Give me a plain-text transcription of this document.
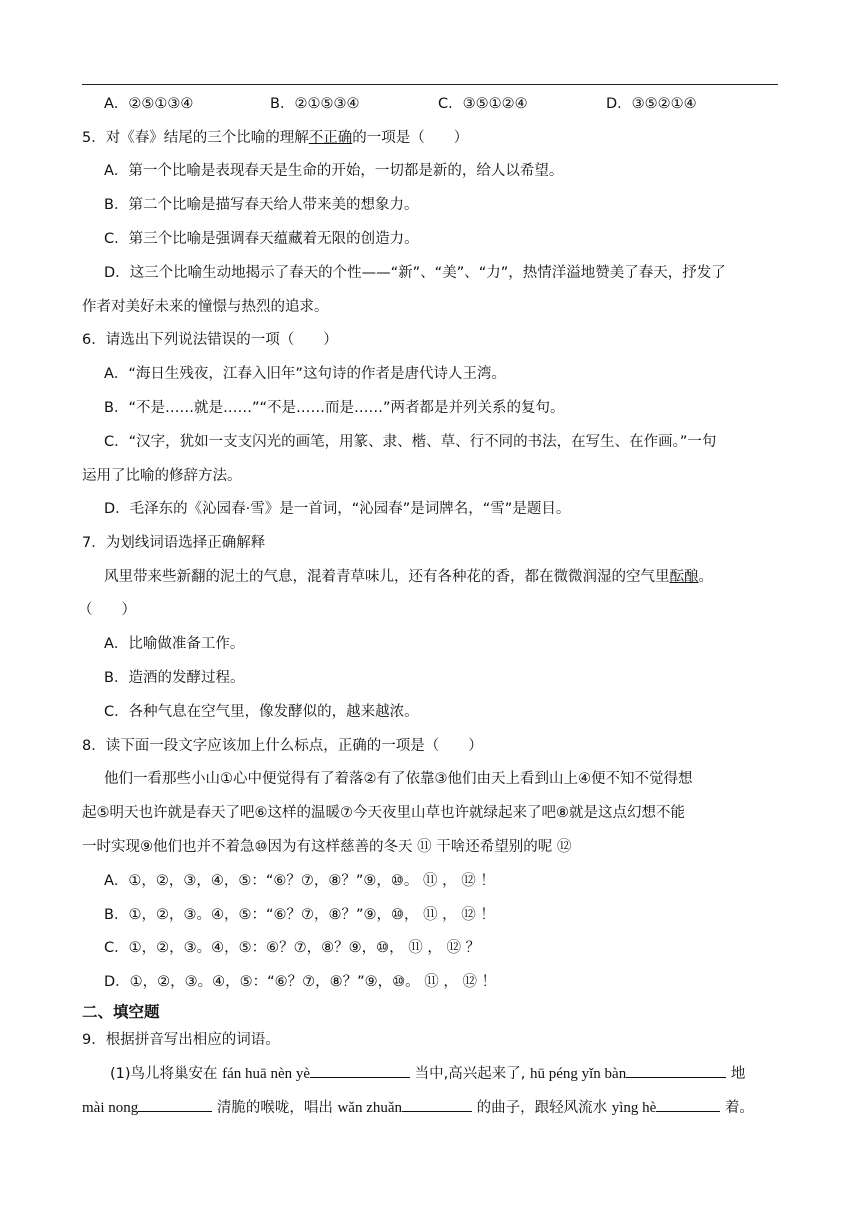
A．②⑤①③④	B．②①⑤③④	C．③⑤①②④	D．③⑤②①④
5．对《春》结尾的三个比喻的理解不正确的一项是（　　）
A．第一个比喻是表现春天是生命的开始，一切都是新的，给人以希望。
B．第二个比喻是描写春天给人带来美的想象力。
C．第三个比喻是强调春天蕴藏着无限的创造力。
D．这三个比喻生动地揭示了春天的个性——“新”、“美”、“力”，热情洋溢地赞美了春天，抒发了
作者对美好未来的憧憬与热烈的追求。
6．请选出下列说法错误的一项（　　）
A．“海日生残夜，江春入旧年”这句诗的作者是唐代诗人王湾。
B．“不是……就是……”“不是……而是……”两者都是并列关系的复句。
C．“汉字，犹如一支支闪光的画笔，用篆、隶、楷、草、行不同的书法，在写生、在作画。”一句
运用了比喻的修辞方法。
D．毛泽东的《沁园春·雪》是一首词，“沁园春”是词牌名，“雪”是题目。
7．为划线词语选择正确解释
风里带来些新翻的泥土的气息，混着青草味儿，还有各种花的香，都在微微润湿的空气里酝酿。
（　　）
A．比喻做准备工作。
B．造酒的发酵过程。
C．各种气息在空气里，像发酵似的，越来越浓。
8．读下面一段文字应该加上什么标点，正确的一项是（　　）
他们一看那些小山①心中便觉得有了着落②有了依靠③他们由天上看到山上④便不知不觉得想
起⑤明天也许就是春天了吧⑥这样的温暖⑦今天夜里山草也许就绿起来了吧⑧就是这点幻想不能
一时实现⑨他们也并不着急⑩因为有这样慈善的冬天 ⑪ 干啥还希望别的呢 ⑫
A．①，②，③，④，⑤：“⑥？⑦，⑧？”⑨，⑩。 ⑪ ， ⑫ ！
B．①，②，③。④，⑤：“⑥？⑦，⑧？”⑨，⑩， ⑪ ， ⑫ ！
C．①，②，③。④，⑤：⑥？⑦，⑧？⑨，⑩， ⑪ ， ⑫ ？
D．①，②，③。④，⑤：“⑥？⑦，⑧？”⑨，⑩。 ⑪ ， ⑫ ！
二、填空题
9．根据拼音写出相应的词语。
(1)鸟儿将巢安在 fán huā nèn yè	当中,高兴起来了, hū péng yǐn bàn	地
mài nong	清脆的喉咙，唱出 wǎn zhuǎn	的曲子，跟轻风流水 yìng hè	着。
